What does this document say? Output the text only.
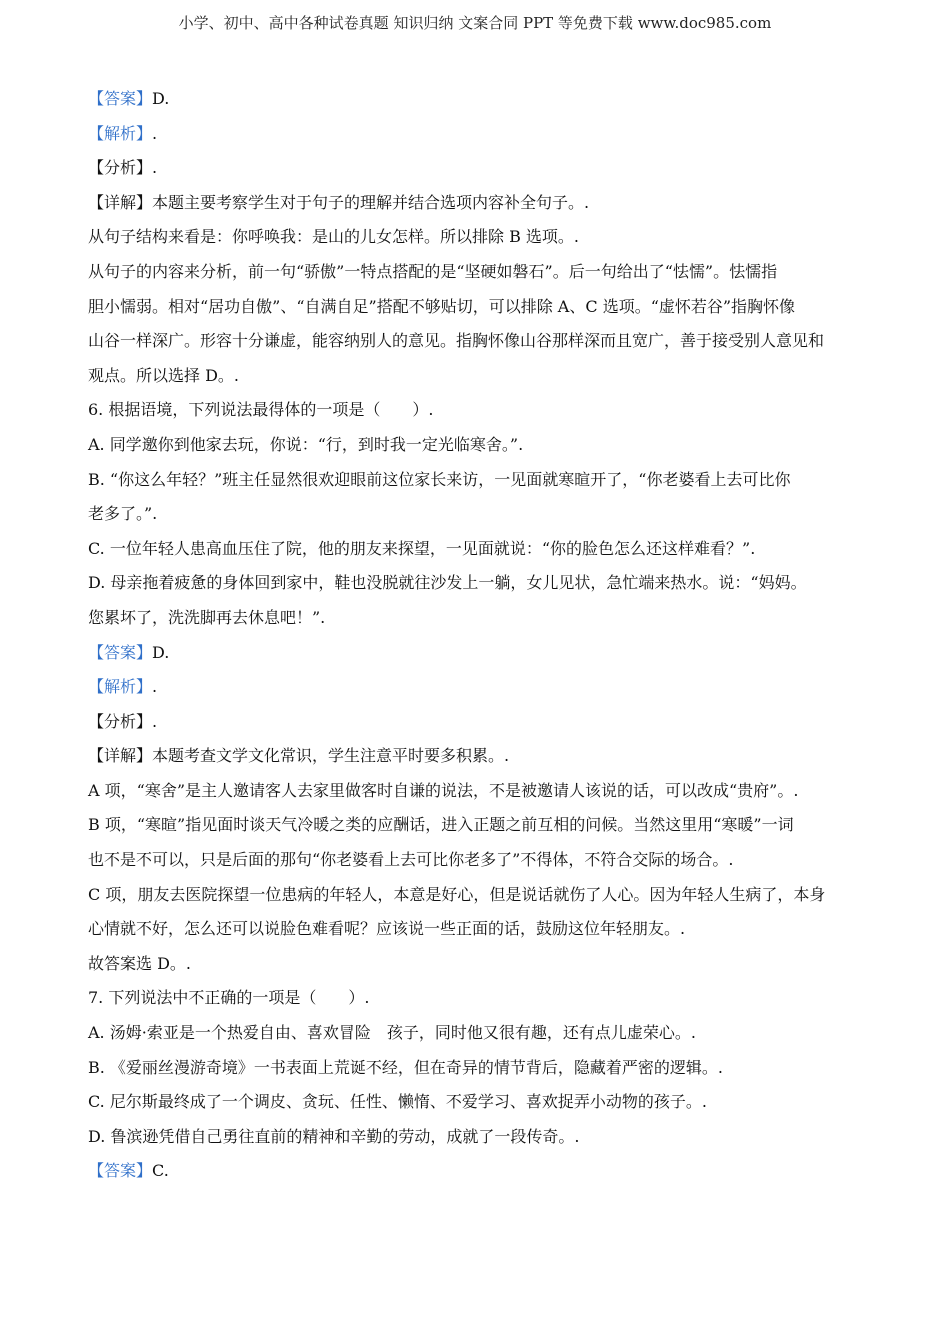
小学、初中、高中各种试卷真题 知识归纳 文案合同 PPT 等免费下载 www.doc985.com
【答案】D.
【解析】.
【分析】.
【详解】本题主要考察学生对于句子的理解并结合选项内容补全句子。.
从句子结构来看是：你呼唤我：是山的儿女怎样。所以排除 B 选项。.
从句子的内容来分析，前一句“骄傲”一特点搭配的是“坚硬如磐石”。后一句给出了“怯懦”。怯懦指
胆小懦弱。相对“居功自傲”、“自满自足”搭配不够贴切，可以排除 A、C 选项。“虚怀若谷”指胸怀像
山谷一样深广。形容十分谦虚，能容纳别人的意见。指胸怀像山谷那样深而且宽广，善于接受别人意见和
观点。所以选择 D。.
6. 根据语境，下列说法最得体的一项是（　　）.
A. 同学邀你到他家去玩，你说：“行，到时我一定光临寒舍。”.
B. “你这么年轻？”班主任显然很欢迎眼前这位家长来访，一见面就寒暄开了，“你老婆看上去可比你
老多了。”.
C. 一位年轻人患高血压住了院，他的朋友来探望，一见面就说：“你的脸色怎么还这样难看？”.
D. 母亲拖着疲惫的身体回到家中，鞋也没脱就往沙发上一躺，女儿见状，急忙端来热水。说：“妈妈。
您累坏了，洗洗脚再去休息吧！”.
【答案】D.
【解析】.
【分析】.
【详解】本题考查文学文化常识，学生注意平时要多积累。.
A 项，“寒舍”是主人邀请客人去家里做客时自谦的说法，不是被邀请人该说的话，可以改成“贵府”。.
B 项，“寒暄”指见面时谈天气冷暖之类的应酬话，进入正题之前互相的问候。当然这里用“寒暖”一词
也不是不可以，只是后面的那句“你老婆看上去可比你老多了”不得体，不符合交际的场合。.
C 项，朋友去医院探望一位患病的年轻人，本意是好心，但是说话就伤了人心。因为年轻人生病了，本身
心情就不好，怎么还可以说脸色难看呢？应该说一些正面的话，鼓励这位年轻朋友。.
故答案选 D。.
7. 下列说法中不正确的一项是（　　）.
A. 汤姆·索亚是一个热爱自由、喜欢冒险　孩子，同时他又很有趣，还有点儿虚荣心。.
B. 《爱丽丝漫游奇境》一书表面上荒诞不经，但在奇异的情节背后，隐藏着严密的逻辑。.
C. 尼尔斯最终成了一个调皮、贪玩、任性、懒惰、不爱学习、喜欢捉弄小动物的孩子。.
D. 鲁滨逊凭借自己勇往直前的精神和辛勤的劳动，成就了一段传奇。.
【答案】C.
